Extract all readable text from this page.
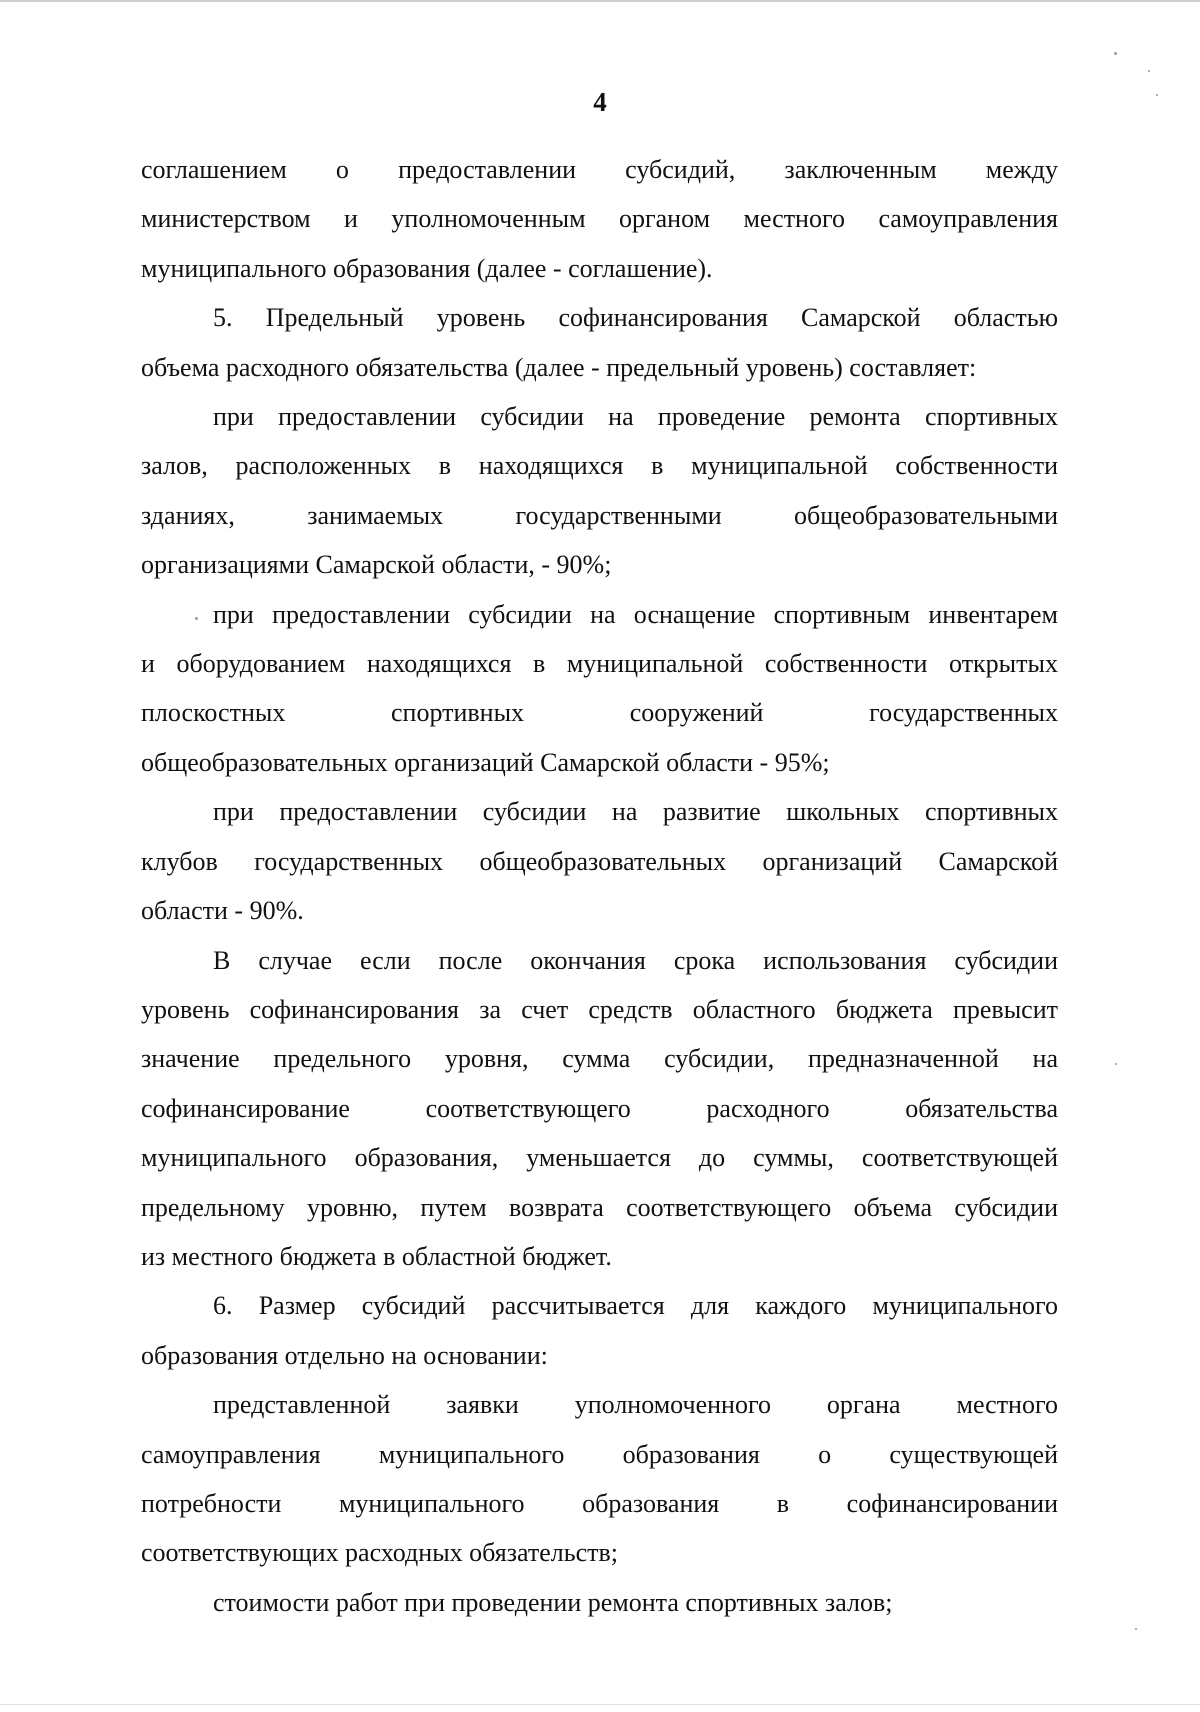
4
соглашением о предоставлении субсидий, заключенным между
министерством и уполномоченным органом местного самоуправления
муниципального образования (далее - соглашение).
5. Предельный уровень софинансирования Самарской областью
объема расходного обязательства (далее - предельный уровень) составляет:
при предоставлении субсидии на проведение ремонта спортивных
залов, расположенных в находящихся в муниципальной собственности
зданиях, занимаемых государственными общеобразовательными
организациями Самарской области, - 90%;
при предоставлении субсидии на оснащение спортивным инвентарем
и оборудованием находящихся в муниципальной собственности открытых
плоскостных спортивных сооружений государственных
общеобразовательных организаций Самарской области - 95%;
при предоставлении субсидии на развитие школьных спортивных
клубов государственных общеобразовательных организаций Самарской
области - 90%.
В случае если после окончания срока использования субсидии
уровень софинансирования за счет средств областного бюджета превысит
значение предельного уровня, сумма субсидии, предназначенной на
софинансирование соответствующего расходного обязательства
муниципального образования, уменьшается до суммы, соответствующей
предельному уровню, путем возврата соответствующего объема субсидии
из местного бюджета в областной бюджет.
6. Размер субсидий рассчитывается для каждого муниципального
образования отдельно на основании:
представленной заявки уполномоченного органа местного
самоуправления муниципального образования о существующей
потребности муниципального образования в софинансировании
соответствующих расходных обязательств;
стоимости работ при проведении ремонта спортивных залов;
